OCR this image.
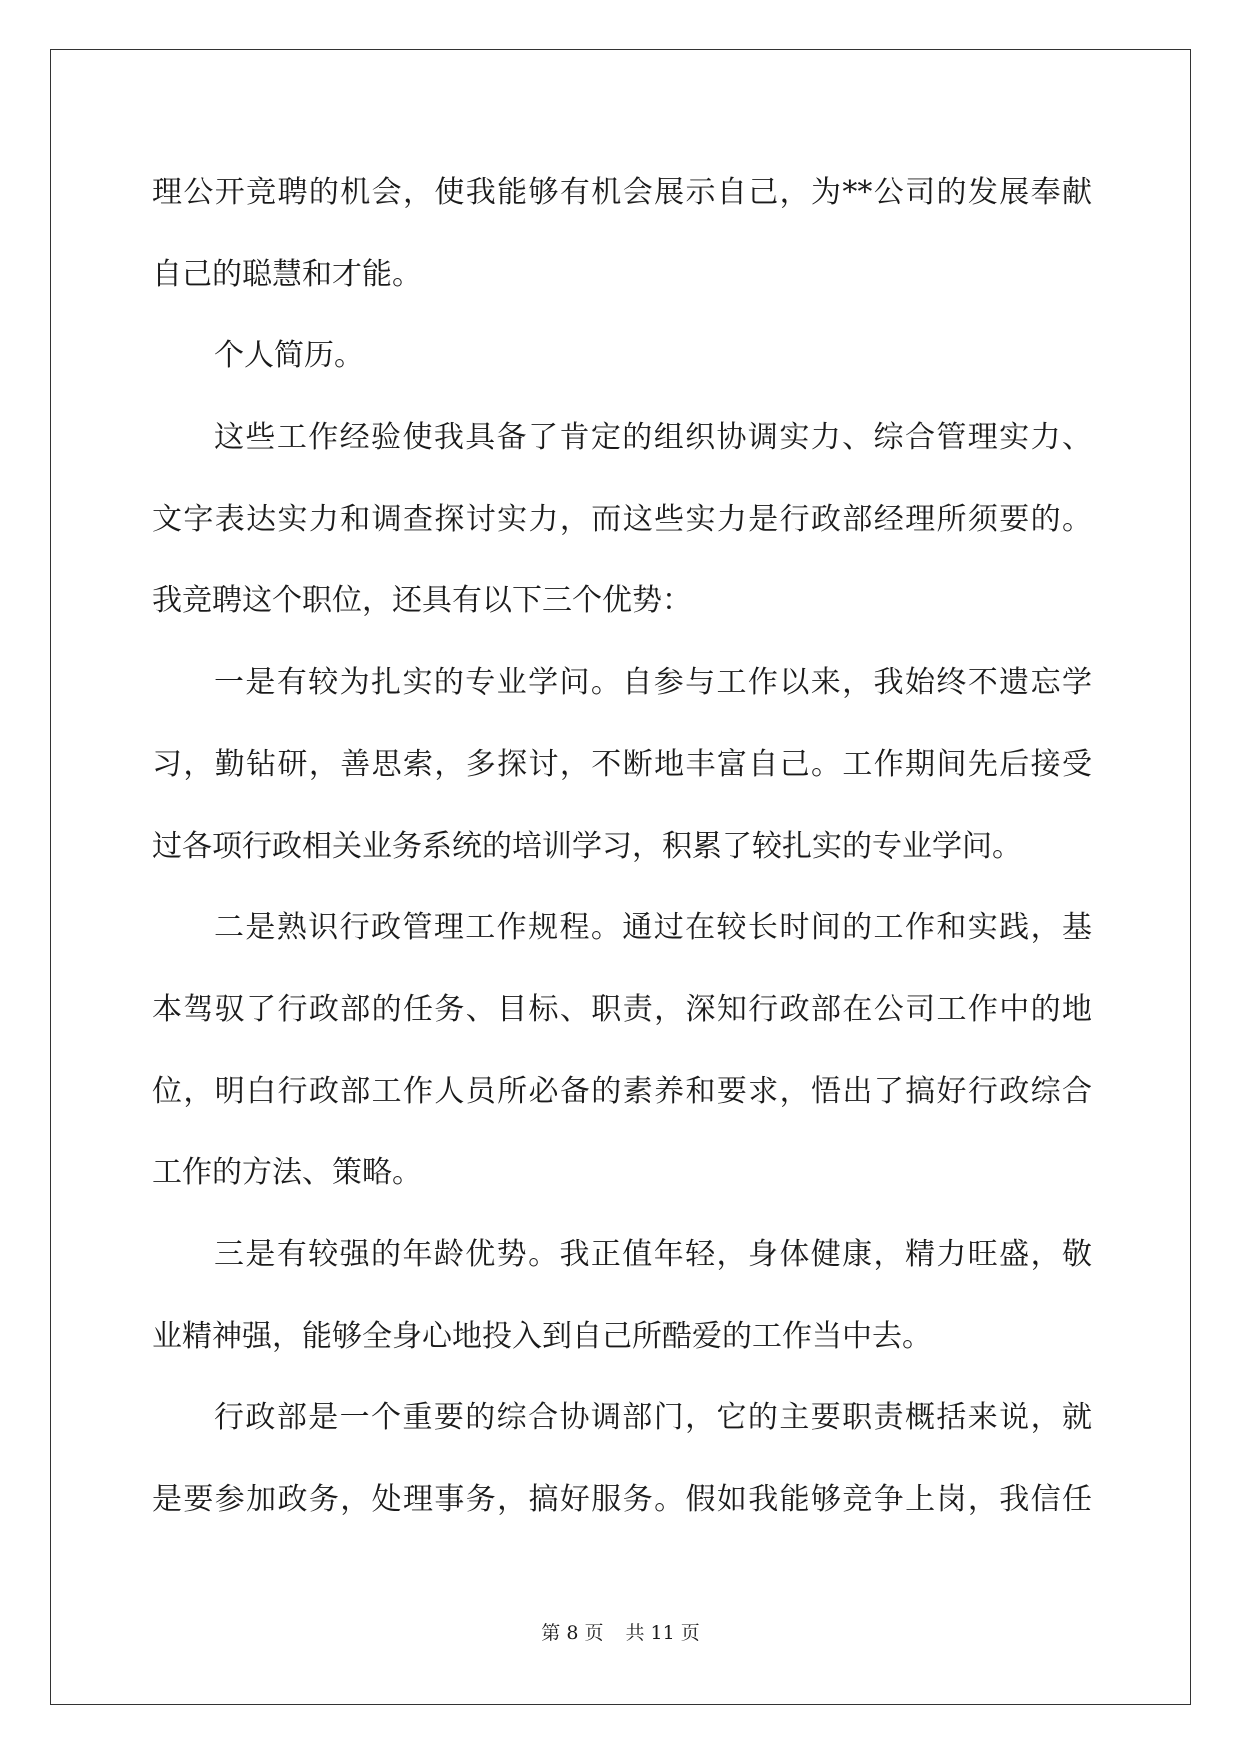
理公开竞聘的机会，使我能够有机会展示自己，为**公司的发展奉献
自己的聪慧和才能。
个人简历。
这些工作经验使我具备了肯定的组织协调实力、综合管理实力、
文字表达实力和调查探讨实力，而这些实力是行政部经理所须要的。
我竞聘这个职位，还具有以下三个优势：
一是有较为扎实的专业学问。自参与工作以来，我始终不遗忘学
习，勤钻研，善思索，多探讨，不断地丰富自己。工作期间先后接受
过各项行政相关业务系统的培训学习，积累了较扎实的专业学问。
二是熟识行政管理工作规程。通过在较长时间的工作和实践，基
本驾驭了行政部的任务、目标、职责，深知行政部在公司工作中的地
位，明白行政部工作人员所必备的素养和要求，悟出了搞好行政综合
工作的方法、策略。
三是有较强的年龄优势。我正值年轻，身体健康，精力旺盛，敬
业精神强，能够全身心地投入到自己所酷爱的工作当中去。
行政部是一个重要的综合协调部门，它的主要职责概括来说，就
是要参加政务，处理事务，搞好服务。假如我能够竞争上岗，我信任
第 8 页 共 11 页
